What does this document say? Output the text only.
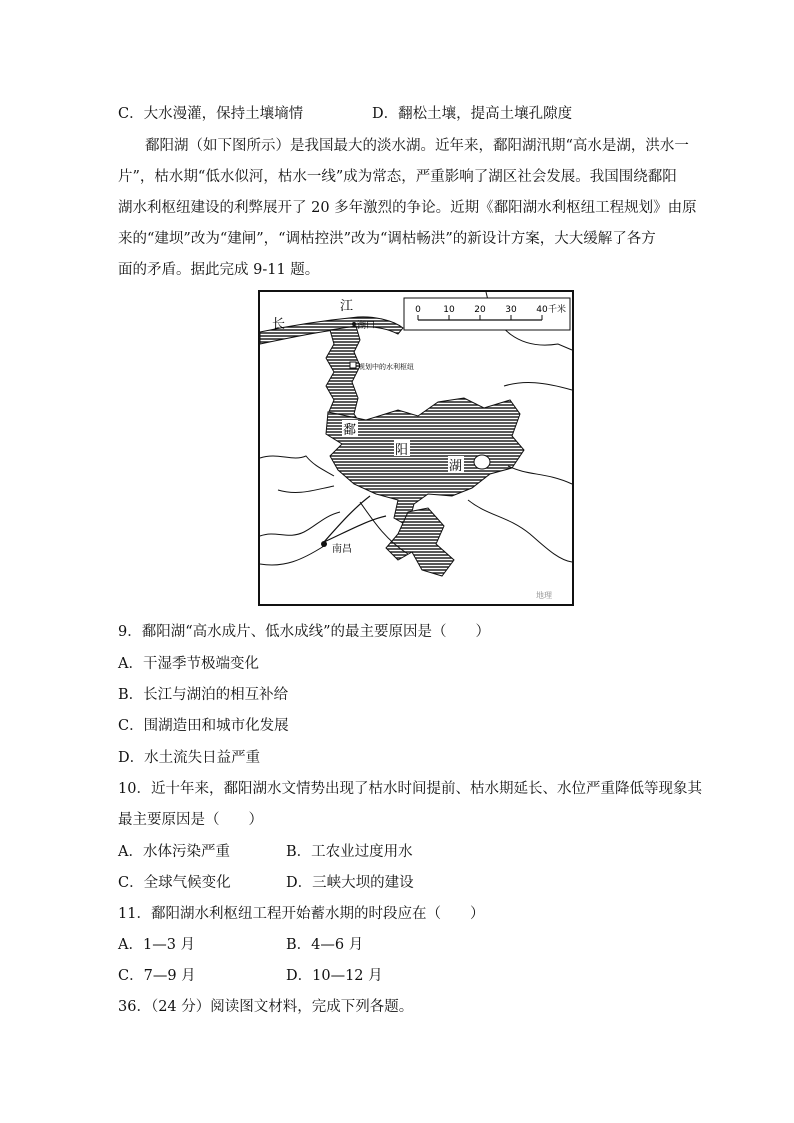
C．大水漫灌，保持土壤墒情	D．翻松土壤，提高土壤孔隙度
鄱阳湖（如下图所示）是我国最大的淡水湖。近年来，鄱阳湖汛期“高水是湖，洪水一
片”，枯水期“低水似河，枯水一线”成为常态，严重影响了湖区社会发展。我国围绕鄱阳
湖水利枢纽建设的利弊展开了 20 多年激烈的争论。近期《鄱阳湖水利枢纽工程规划》由原
来的“建坝”改为“建闸”，“调枯控洪”改为“调枯畅洪”的新设计方案，大大缓解了各方
面的矛盾。据此完成 9-11 题。
0 10 20 30 40 千米
长
江
湖口
规划中的水利枢纽
鄱
阳
湖
南昌
地理
9．鄱阳湖“高水成片、低水成线”的最主要原因是（　　）
A．干湿季节极端变化
B．长江与湖泊的相互补给
C．围湖造田和城市化发展
D．水土流失日益严重
10．近十年来，鄱阳湖水文情势出现了枯水时间提前、枯水期延长、水位严重降低等现象其
最主要原因是（　　）
A．水体污染严重	B．工农业过度用水
C．全球气候变化	D．三峡大坝的建设
11．鄱阳湖水利枢纽工程开始蓄水期的时段应在（　　）
A．1—3 月	B．4—6 月
C．7—9 月	D．10—12 月
36．（24 分）阅读图文材料，完成下列各题。
